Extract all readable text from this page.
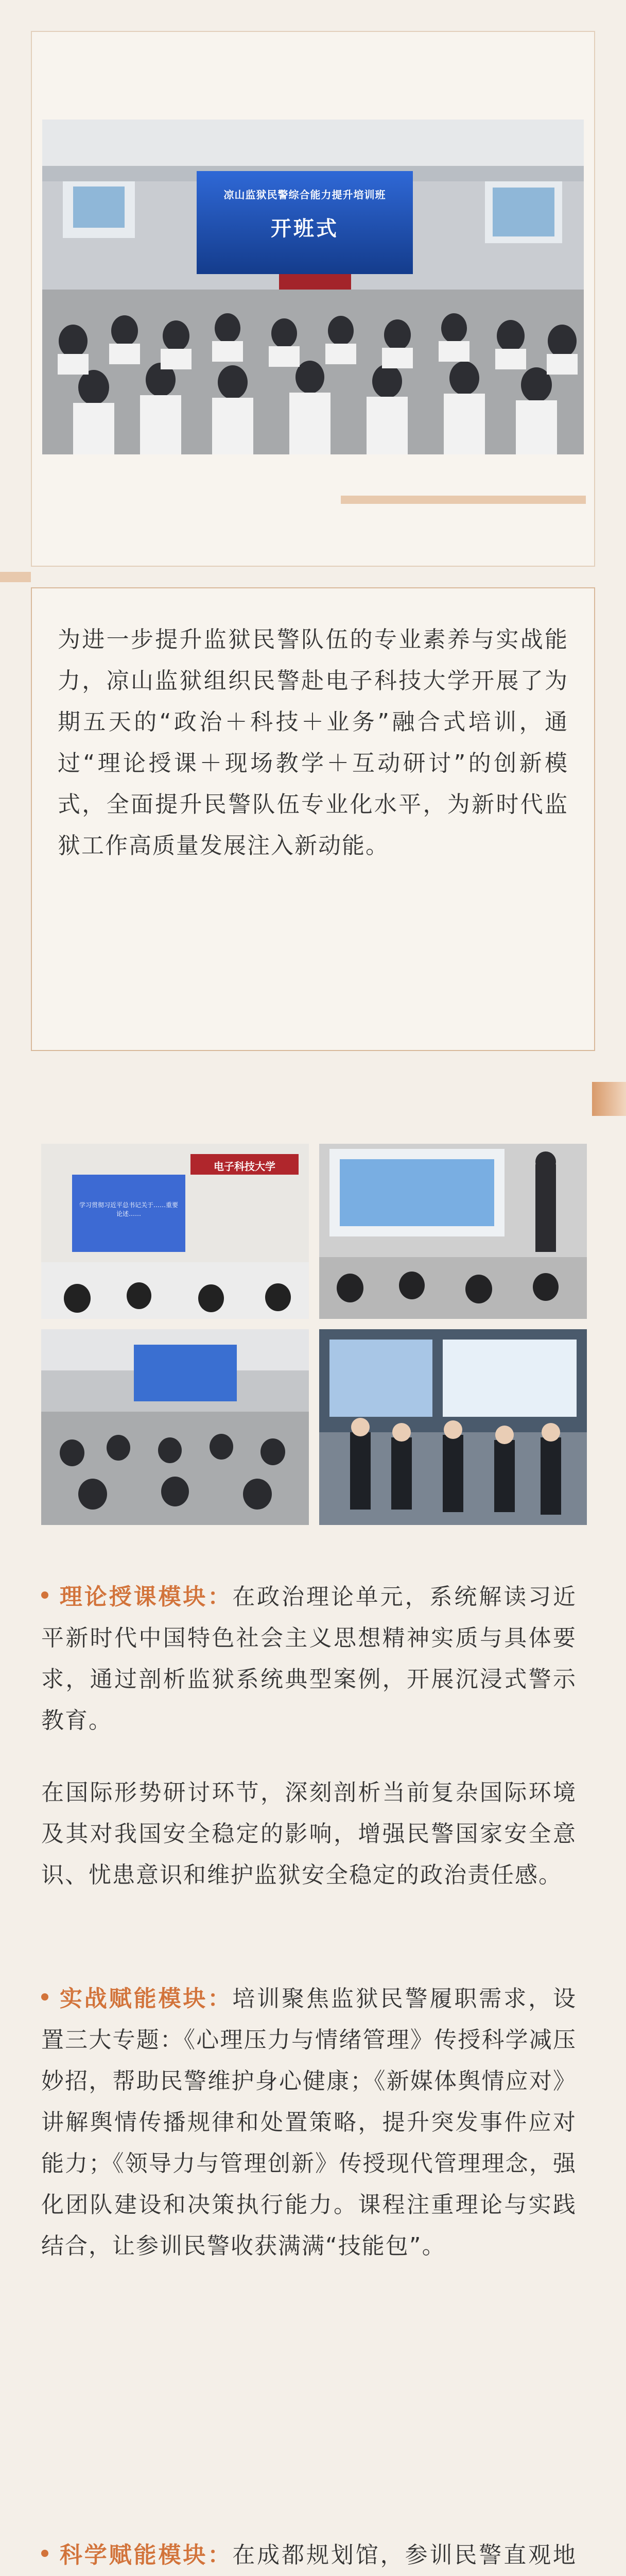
凉山监狱民警综合能力提升培训班
开班式

为进一步提升监狱民警队伍的专业素养与实战能力，凉山监狱组织民警赴电子科技大学开展了为期五天的“政治＋科技＋业务”融合式培训，通过“理论授课＋现场教学＋互动研讨”的创新模式，全面提升民警队伍专业化水平，为新时代监狱工作高质量发展注入新动能。

电子科技大学
学习贯彻习近平总书记关于……重要论述……

理论授课模块：在政治理论单元，系统解读习近平新时代中国特色社会主义思想精神实质与具体要求，通过剖析监狱系统典型案例，开展沉浸式警示教育。

在国际形势研讨环节，深刻剖析当前复杂国际环境及其对我国安全稳定的影响，增强民警国家安全意识、忧患意识和维护监狱安全稳定的政治责任感。

实战赋能模块：培训聚焦监狱民警履职需求，设置三大专题：《心理压力与情绪管理》传授科学减压妙招，帮助民警维护身心健康；《新媒体舆情应对》讲解舆情传播规律和处置策略，提升突发事件应对能力；《领导力与管理创新》传授现代管理理念，强化团队建设和决策执行能力。课程注重理论与实践结合，让参训民警收获满满“技能包”。

科学赋能模块：在成都规划馆，参训民警直观地
